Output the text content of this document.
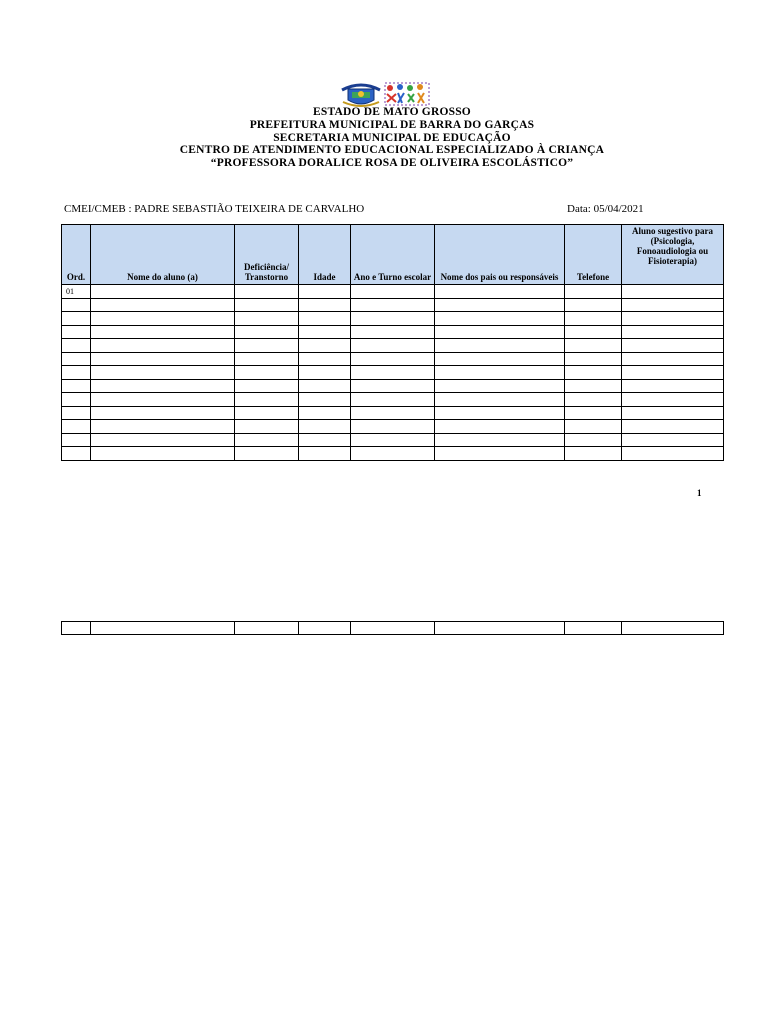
ESTADO DE MATO GROSSO
PREFEITURA MUNICIPAL DE BARRA DO GARÇAS
SECRETARIA MUNICIPAL DE EDUCAÇÃO
CENTRO DE ATENDIMENTO EDUCACIONAL ESPECIALIZADO À CRIANÇA
“PROFESSORA DORALICE ROSA DE OLIVEIRA ESCOLÁSTICO”
CMEI/CMEB : PADRE SEBASTIÃO TEIXEIRA DE CARVALHO	Data: 05/04/2021
Ord.	Nome do aluno (a)	Deficiência/ Transtorno	Idade	Ano e Turno escolar	Nome dos pais ou responsáveis	Telefone	Aluno sugestivo para (Psicologia, Fonoaudiologia ou Fisioterapia)
01							

1
